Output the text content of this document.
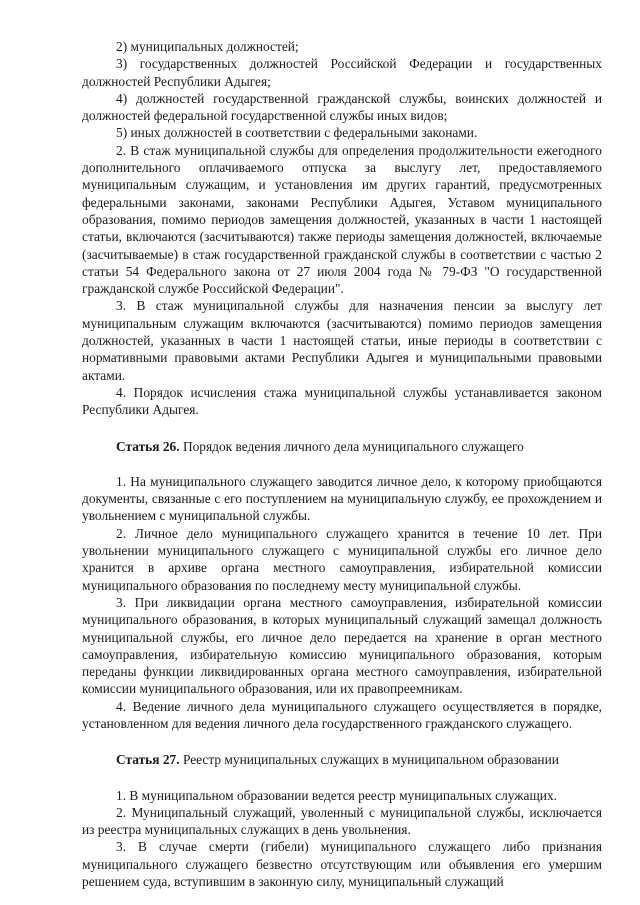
2) муниципальных должностей;

3) государственных должностей Российской Федерации и государственных должностей Республики Адыгея;

4) должностей государственной гражданской службы, воинских должностей и должностей федеральной государственной службы иных видов;

5) иных должностей в соответствии с федеральными законами.

2. В стаж муниципальной службы для определения продолжительности ежегодного дополнительного оплачиваемого отпуска за выслугу лет, предоставляемого муниципальным служащим, и установления им других гарантий, предусмотренных федеральными законами, законами Республики Адыгея, Уставом муниципального образования, помимо периодов замещения должностей, указанных в части 1 настоящей статьи, включаются (засчитываются) также периоды замещения должностей, включаемые (засчитываемые) в стаж государственной гражданской службы в соответствии с частью 2 статьи 54 Федерального закона от 27 июля 2004 года № 79-ФЗ "О государственной гражданской службе Российской Федерации".

3. В стаж муниципальной службы для назначения пенсии за выслугу лет муниципальным служащим включаются (засчитываются) помимо периодов замещения должностей, указанных в части 1 настоящей статьи, иные периоды в соответствии с нормативными правовыми актами Республики Адыгея и муниципальными правовыми актами.

4. Порядок исчисления стажа муниципальной службы устанавливается законом Республики Адыгея.

Статья 26. Порядок ведения личного дела муниципального служащего

1. На муниципального служащего заводится личное дело, к которому приобщаются документы, связанные с его поступлением на муниципальную службу, ее прохождением и увольнением с муниципальной службы.

2. Личное дело муниципального служащего хранится в течение 10 лет. При увольнении муниципального служащего с муниципальной службы его личное дело хранится в архиве органа местного самоуправления, избирательной комиссии муниципального образования по последнему месту муниципальной службы.

3. При ликвидации органа местного самоуправления, избирательной комиссии муниципального образования, в которых муниципальный служащий замещал должность муниципальной службы, его личное дело передается на хранение в орган местного самоуправления, избирательную комиссию муниципального образования, которым переданы функции ликвидированных органа местного самоуправления, избирательной комиссии муниципального образования, или их правопреемникам.

4. Ведение личного дела муниципального служащего осуществляется в порядке, установленном для ведения личного дела государственного гражданского служащего.

Статья 27. Реестр муниципальных служащих в муниципальном образовании

1. В муниципальном образовании ведется реестр муниципальных служащих.

2. Муниципальный служащий, уволенный с муниципальной службы, исключается из реестра муниципальных служащих в день увольнения.

3. В случае смерти (гибели) муниципального служащего либо признания муниципального служащего безвестно отсутствующим или объявления его умершим решением суда, вступившим в законную силу, муниципальный служащий
